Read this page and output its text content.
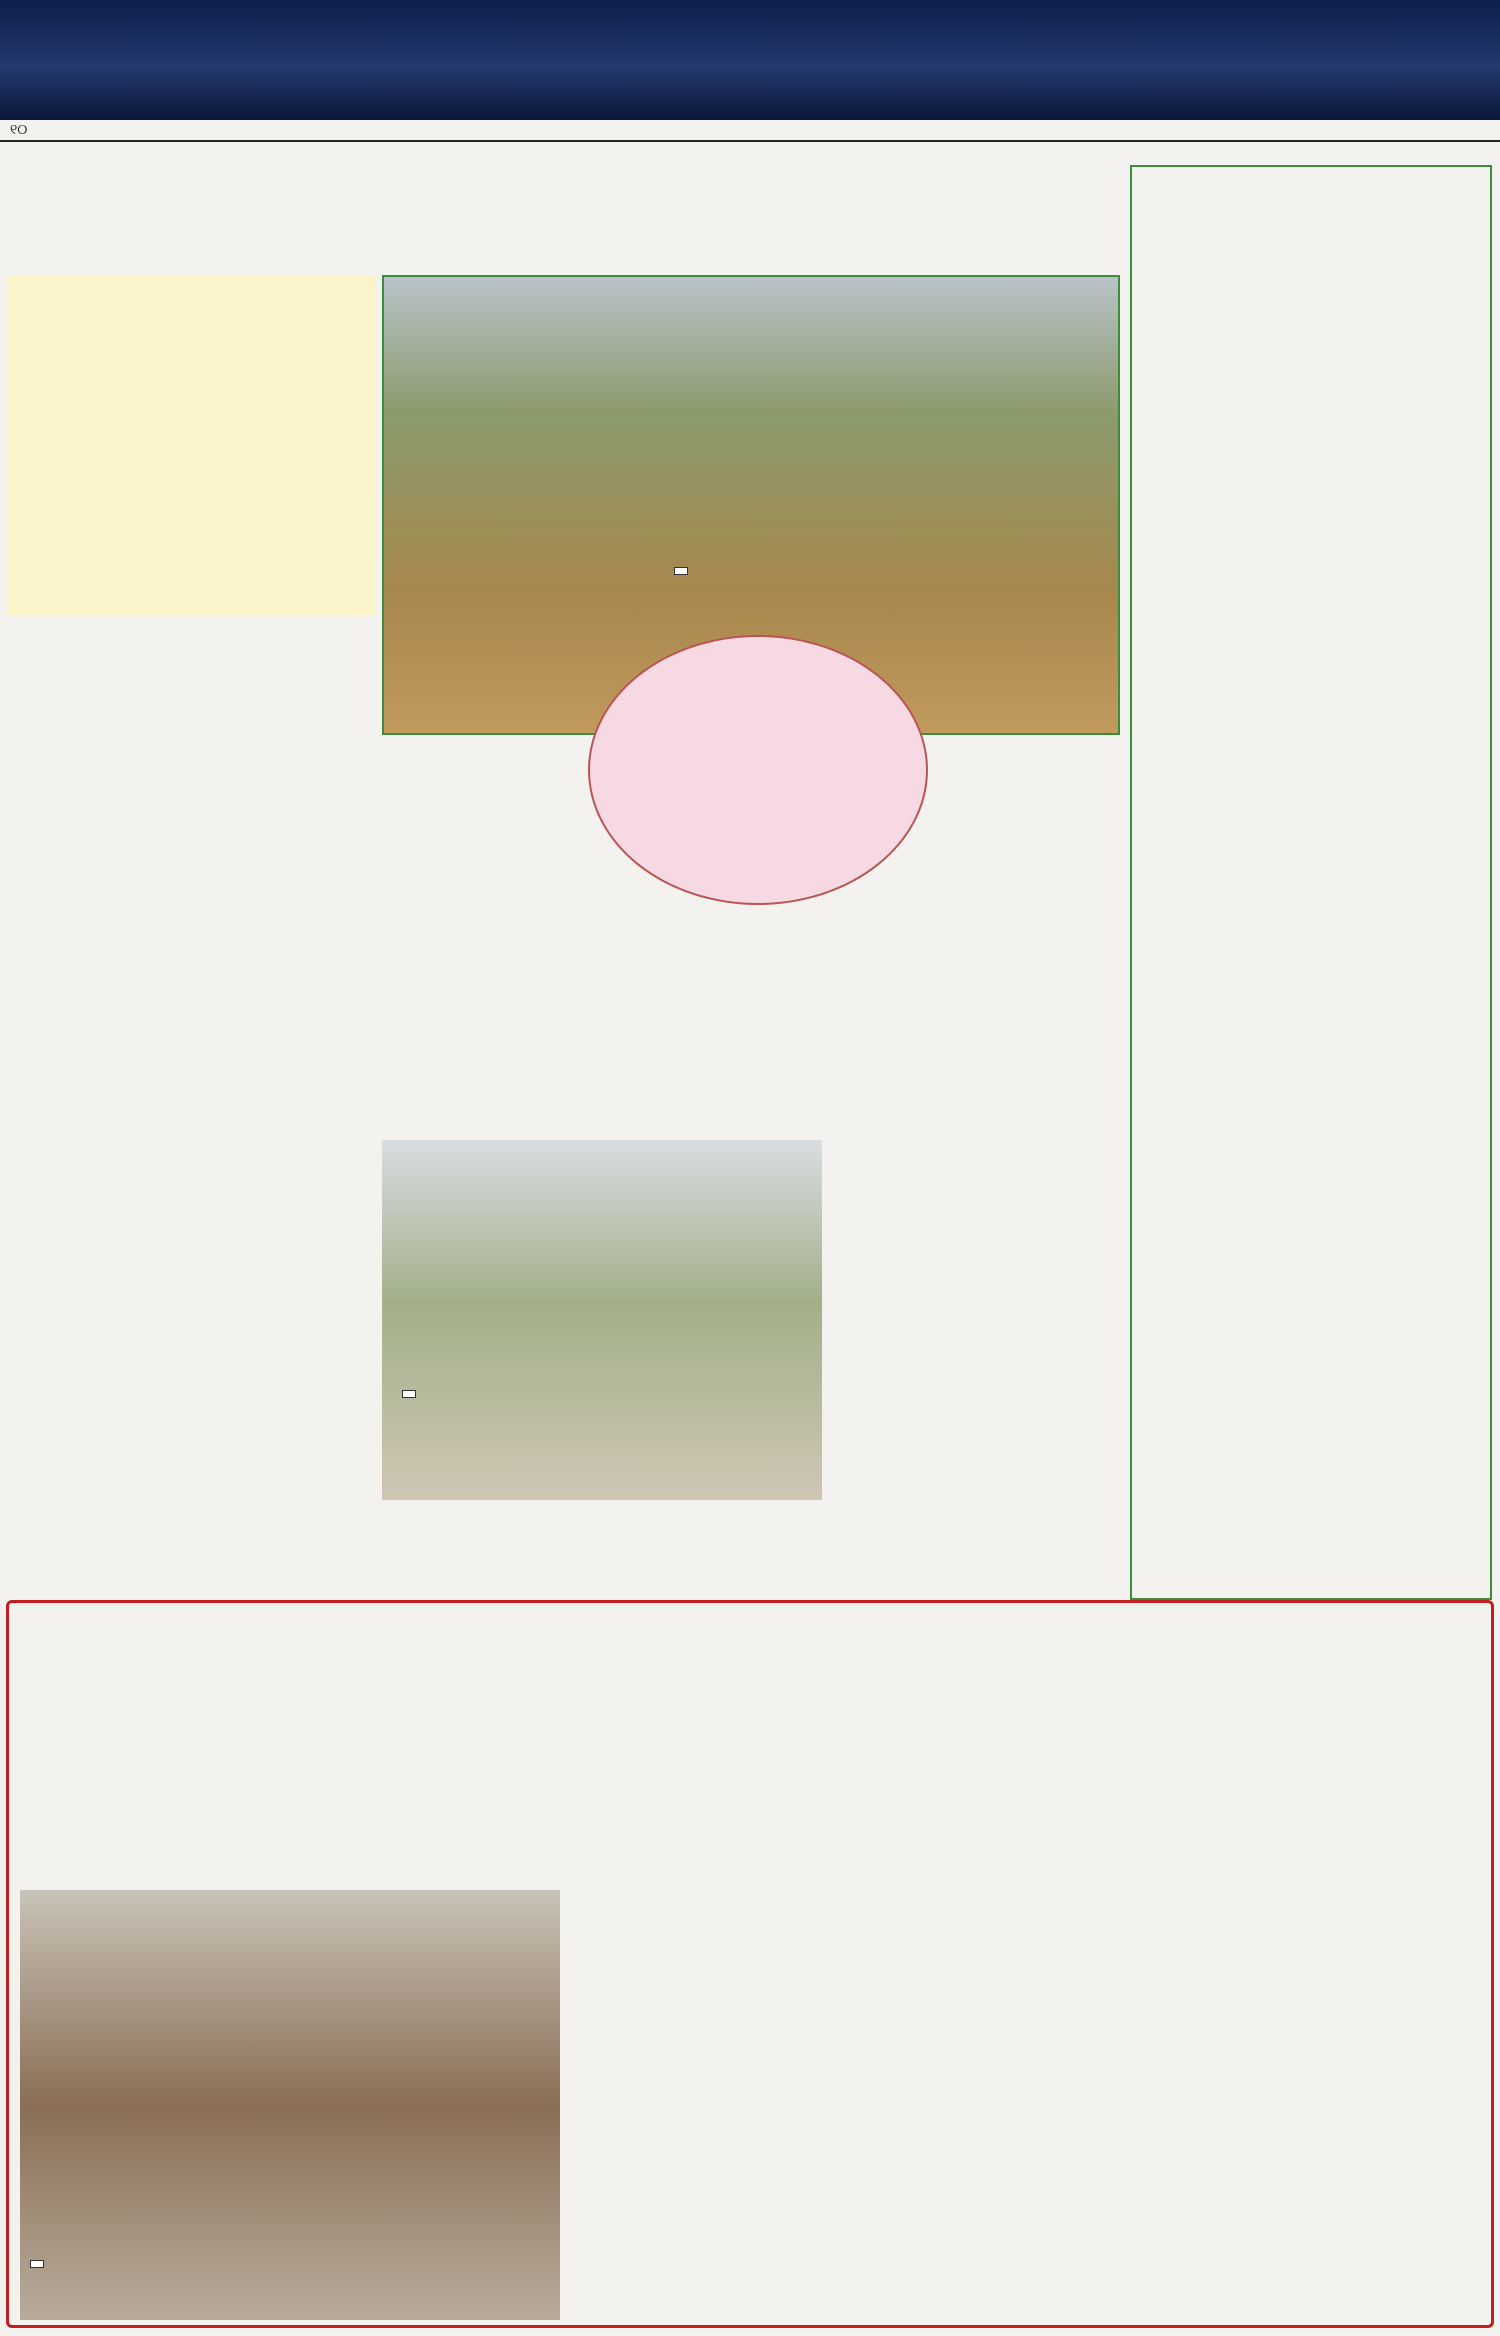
୧୦
